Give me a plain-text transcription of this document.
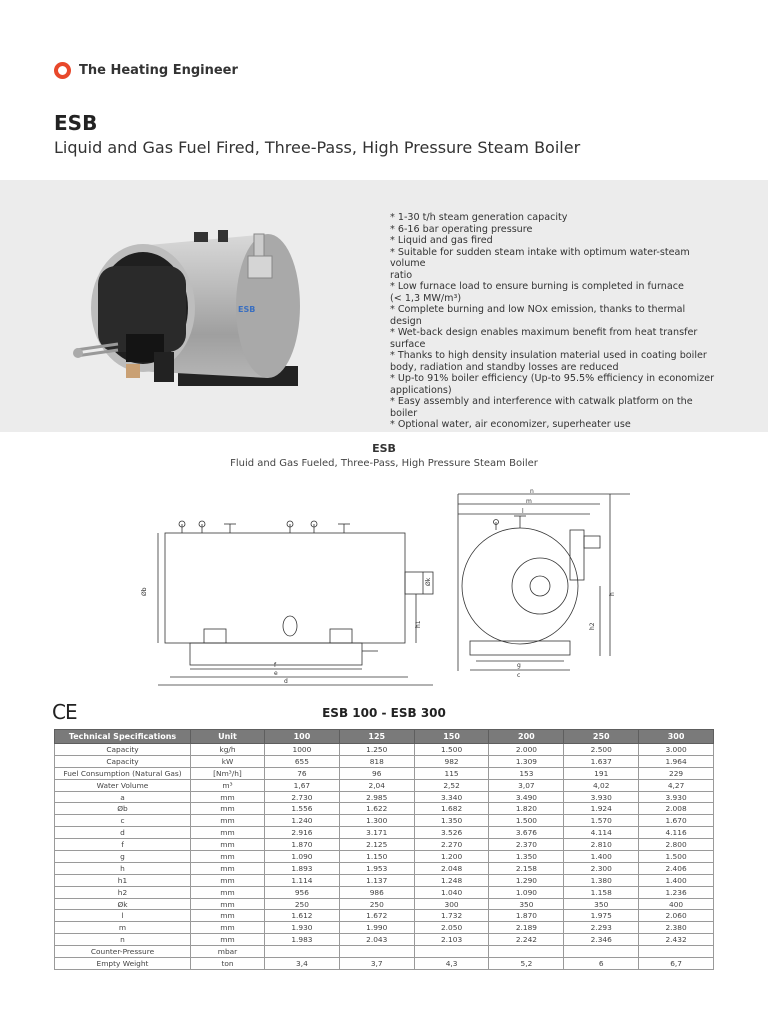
The Heating Engineer
ESB
Liquid and Gas Fuel Fired, Three-Pass, High Pressure Steam Boiler
ESB
* 1-30 t/h steam generation capacity
* 6-16 bar operating pressure
* Liquid and gas fired
* Suitable for sudden steam intake with optimum water-steam volume
ratio
* Low furnace load to ensure burning is completed in furnace
(< 1,3 MW/m³)
* Complete burning and low NOx emission, thanks to thermal design
* Wet-back design enables maximum benefit from heat transfer
surface
* Thanks to high density insulation material used in coating boiler
body, radiation and standby losses are reduced
* Up-to 91% boiler efficiency (Up-to 95.5% efficiency in economizer
applications)
* Easy assembly and interference with catwalk platform on the boiler
* Optional water, air economizer, superheater use
ESB
Fluid and Gas Fueled, Three-Pass, High Pressure Steam Boiler
Øb
Øk
h1
f
e
d
n
m
l
h
h2
g
c
CE	ESB 100 - ESB 300
Technical Specifications	Unit	100	125	150	200	250	300
Capacity	kg/h	1000	1.250	1.500	2.000	2.500	3.000
Capacity	kW	655	818	982	1.309	1.637	1.964
Fuel Consumption (Natural Gas)	[Nm³/h]	76	96	115	153	191	229
Water Volume	m³	1,67	2,04	2,52	3,07	4,02	4,27
a	mm	2.730	2.985	3.340	3.490	3.930	3.930
Øb	mm	1.556	1.622	1.682	1.820	1.924	2.008
c	mm	1.240	1.300	1.350	1.500	1.570	1.670
d	mm	2.916	3.171	3.526	3.676	4.114	4.116
f	mm	1.870	2.125	2.270	2.370	2.810	2.800
g	mm	1.090	1.150	1.200	1.350	1.400	1.500
h	mm	1.893	1.953	2.048	2.158	2.300	2.406
h1	mm	1.114	1.137	1.248	1.290	1.380	1.400
h2	mm	956	986	1.040	1.090	1.158	1.236
Øk	mm	250	250	300	350	350	400
l	mm	1.612	1.672	1.732	1.870	1.975	2.060
m	mm	1.930	1.990	2.050	2.189	2.293	2.380
n	mm	1.983	2.043	2.103	2.242	2.346	2.432
Counter-Pressure	mbar						
Empty Weight	ton	3,4	3,7	4,3	5,2	6	6,7
